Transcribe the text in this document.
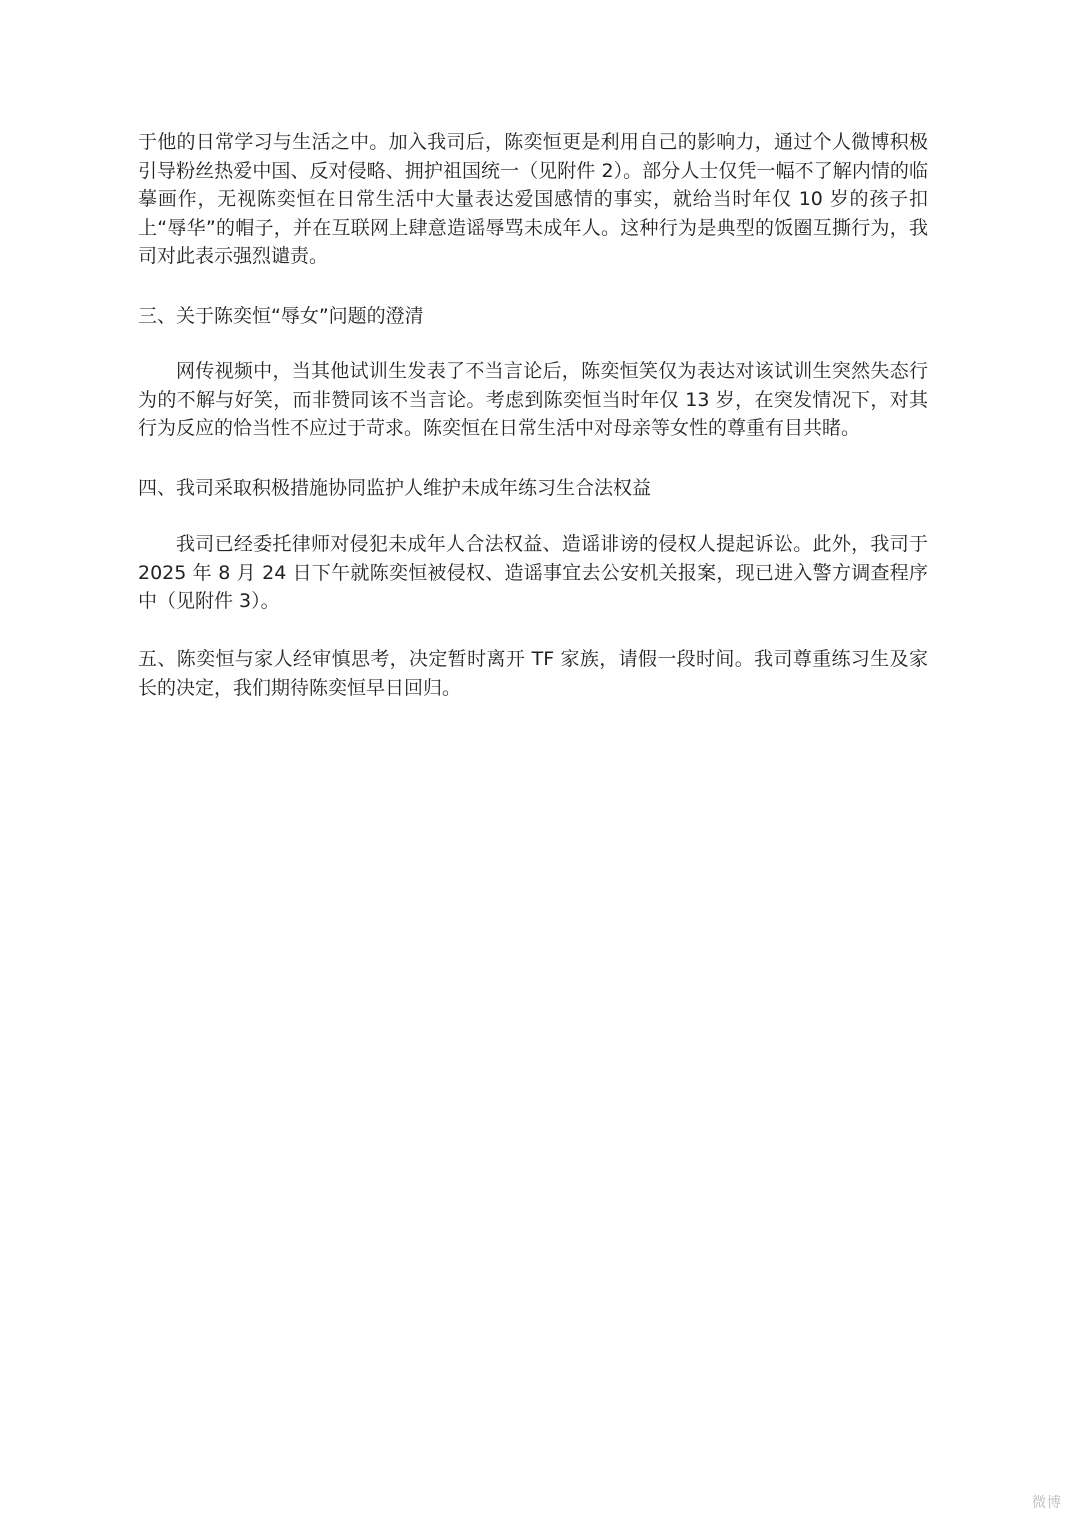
于他的日常学习与生活之中。加入我司后，陈奕恒更是利用自己的影响力，通过个人微博积极引导粉丝热爱中国、反对侵略、拥护祖国统一（见附件 2）。部分人士仅凭一幅不了解内情的临摹画作，无视陈奕恒在日常生活中大量表达爱国感情的事实，就给当时年仅 10 岁的孩子扣上“辱华”的帽子，并在互联网上肆意造谣辱骂未成年人。这种行为是典型的饭圈互撕行为，我司对此表示强烈谴责。

三、关于陈奕恒“辱女”问题的澄清

网传视频中，当其他试训生发表了不当言论后，陈奕恒笑仅为表达对该试训生突然失态行为的不解与好笑，而非赞同该不当言论。考虑到陈奕恒当时年仅 13 岁，在突发情况下，对其行为反应的恰当性不应过于苛求。陈奕恒在日常生活中对母亲等女性的尊重有目共睹。

四、我司采取积极措施协同监护人维护未成年练习生合法权益

我司已经委托律师对侵犯未成年人合法权益、造谣诽谤的侵权人提起诉讼。此外，我司于 2025 年 8 月 24 日下午就陈奕恒被侵权、造谣事宜去公安机关报案，现已进入警方调查程序中（见附件 3）。

五、陈奕恒与家人经审慎思考，决定暂时离开 TF 家族，请假一段时间。我司尊重练习生及家长的决定，我们期待陈奕恒早日回归。

微博
